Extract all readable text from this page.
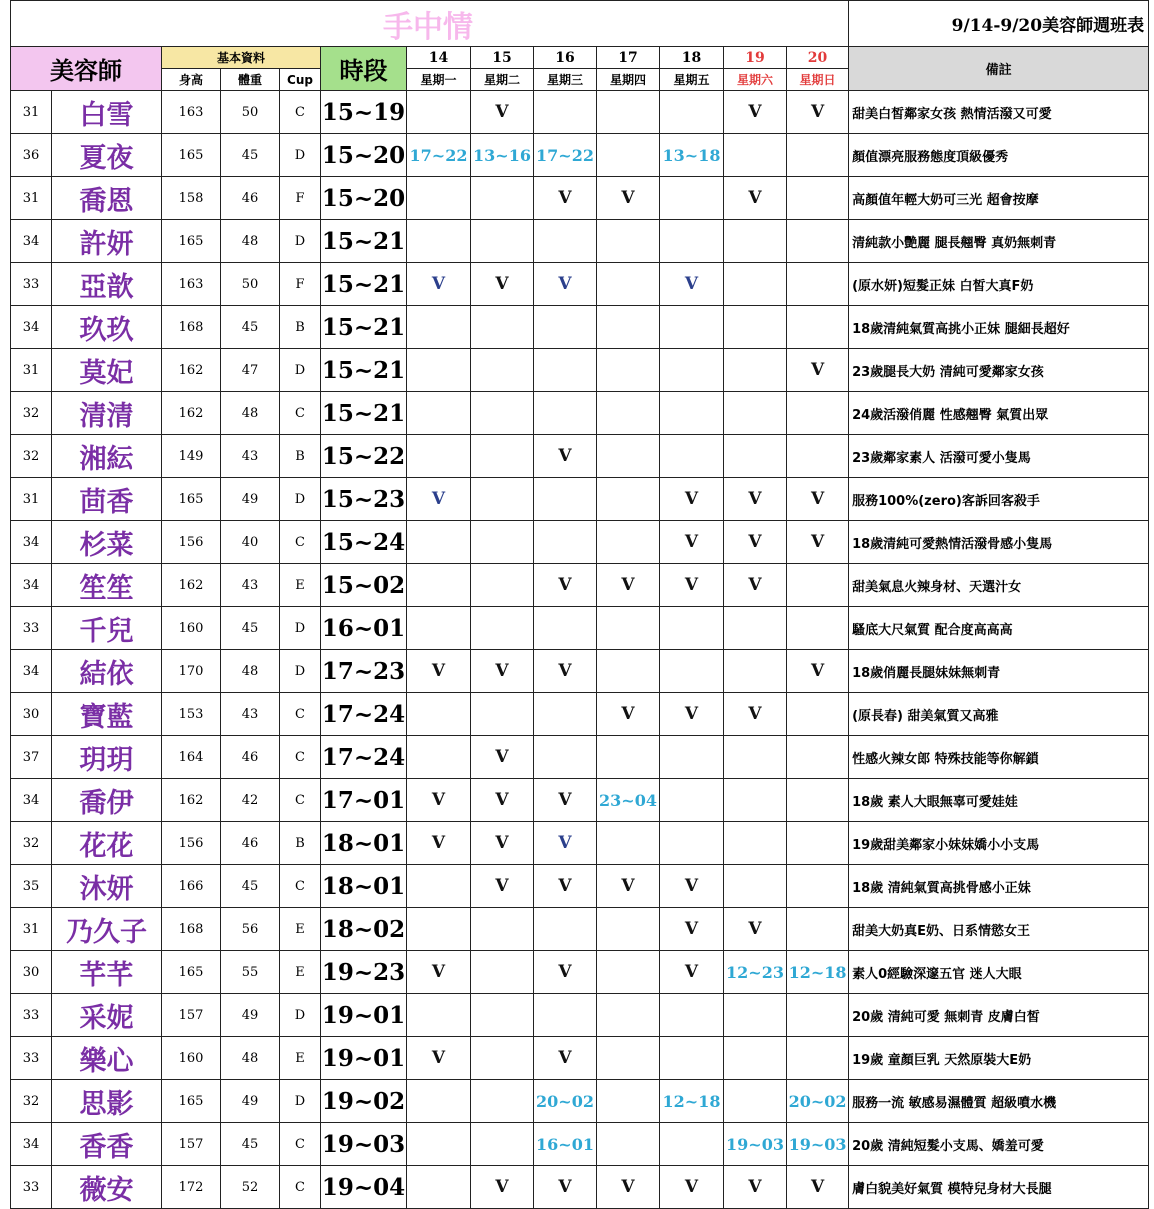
手中情													9/14-9/20美容師週班表
美容師		基本資料			時段	14	15	16	17	18	19	20	備註
		身高	體重	Cup		星期一	星期二	星期三	星期四	星期五	星期六	星期日	
31	白雪	163	50	C	15~19		V				V	V	甜美白皙鄰家女孩 熱情活潑又可愛
36	夏夜	165	45	D	15~20	17~22	13~16	17~22		13~18			顏值漂亮服務態度頂級優秀
31	喬恩	158	46	F	15~20			V	V		V		高顏值年輕大奶可三光 超會按摩
34	許妍	165	48	D	15~21								清純款小艷麗 腿長翹臀 真奶無刺青
33	亞歆	163	50	F	15~21	V	V	V		V			(原水妍)短髮正妹 白皙大真F奶
34	玖玖	168	45	B	15~21								18歲清純氣質高挑小正妹 腿細長超好
31	莫妃	162	47	D	15~21							V	23歲腿長大奶 清純可愛鄰家女孩
32	清清	162	48	C	15~21								24歲活潑俏麗 性感翹臀 氣質出眾
32	湘紜	149	43	B	15~22			V					23歲鄰家素人 活潑可愛小隻馬
31	茴香	165	49	D	15~23	V				V	V	V	服務100%(zero)客訴回客殺手
34	杉菜	156	40	C	15~24					V	V	V	18歲清純可愛熱情活潑骨感小隻馬
34	笙笙	162	43	E	15~02			V	V	V	V		甜美氣息火辣身材、天選汁女
33	千兒	160	45	D	16~01								騷底大尺氣質 配合度高高高
34	結依	170	48	D	17~23	V	V	V				V	18歲俏麗長腿妹妹無刺青
30	寶藍	153	43	C	17~24				V	V	V		(原長春) 甜美氣質又高雅
37	玥玥	164	46	C	17~24		V						性感火辣女郎 特殊技能等你解鎖
34	喬伊	162	42	C	17~01	V	V	V	23~04				18歲 素人大眼無辜可愛娃娃
32	花花	156	46	B	18~01	V	V	V					19歲甜美鄰家小妹妹嬌小小支馬
35	沐妍	166	45	C	18~01		V	V	V	V			18歲 清純氣質高挑骨感小正妹
31	乃久子	168	56	E	18~02					V	V		甜美大奶真E奶、日系情慾女王
30	芊芊	165	55	E	19~23	V		V		V	12~23	12~18	素人0經驗深邃五官 迷人大眼
33	采妮	157	49	D	19~01								20歲 清純可愛 無刺青 皮膚白皙
33	樂心	160	48	E	19~01	V		V					19歲 童顏巨乳 天然原裝大E奶
32	思影	165	49	D	19~02			20~02		12~18		20~02	服務一流 敏感易濕體質 超級噴水機
34	香香	157	45	C	19~03			16~01			19~03	19~03	20歲 清純短髮小支馬、嬌羞可愛
33	薇安	172	52	C	19~04		V	V	V	V	V	V	膚白貌美好氣質 模特兒身材大長腿
